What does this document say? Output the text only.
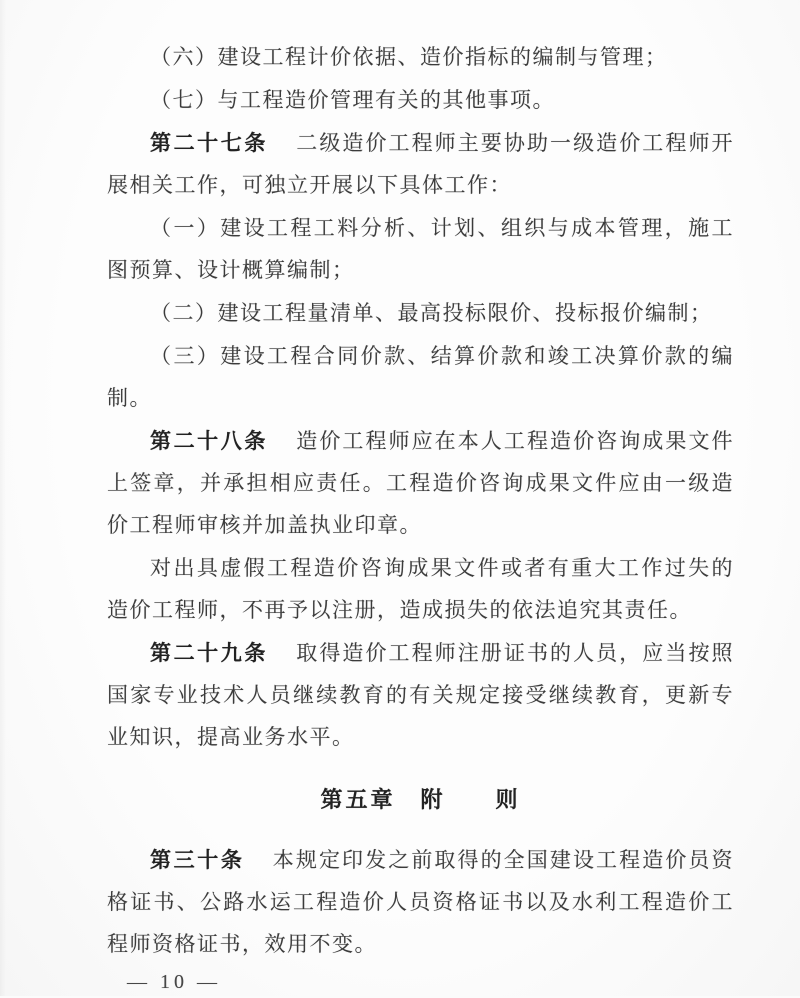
（六）建设工程计价依据、造价指标的编制与管理；

（七）与工程造价管理有关的其他事项。

第二十七条 二级造价工程师主要协助一级造价工程师开展相关工作，可独立开展以下具体工作：

（一）建设工程工料分析、计划、组织与成本管理，施工图预算、设计概算编制；

（二）建设工程量清单、最高投标限价、投标报价编制；

（三）建设工程合同价款、结算价款和竣工决算价款的编制。

第二十八条 造价工程师应在本人工程造价咨询成果文件上签章，并承担相应责任。工程造价咨询成果文件应由一级造价工程师审核并加盖执业印章。

对出具虚假工程造价咨询成果文件或者有重大工作过失的造价工程师，不再予以注册，造成损失的依法追究其责任。

第二十九条 取得造价工程师注册证书的人员，应当按照国家专业技术人员继续教育的有关规定接受继续教育，更新专业知识，提高业务水平。

第五章　附　　则

第三十条 本规定印发之前取得的全国建设工程造价员资格证书、公路水运工程造价人员资格证书以及水利工程造价工程师资格证书，效用不变。

— 10 —
